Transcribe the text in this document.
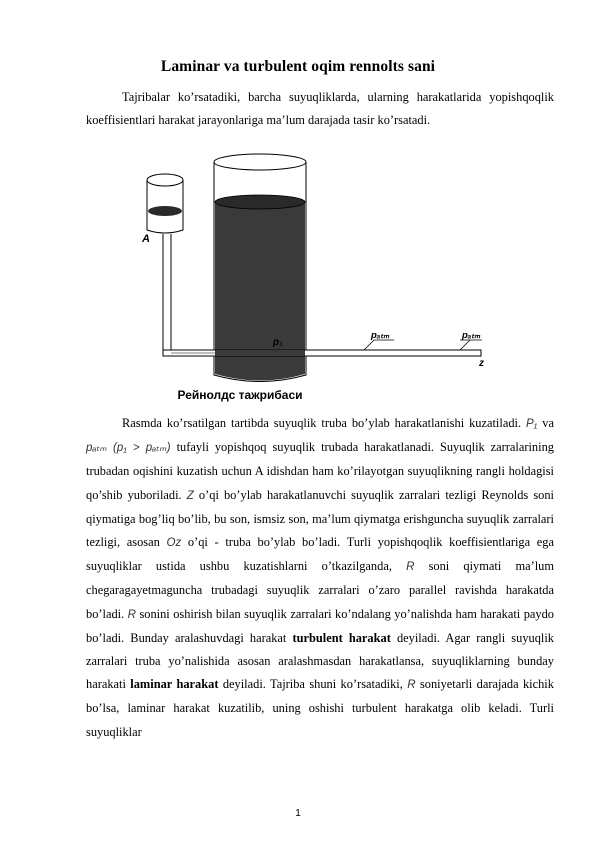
Laminar va turbulent oqim rennolts sani

Tajribalar ko’rsatadiki, barcha suyuqliklarda, ularning harakatlarida yopishqoqlik koeffisientlari harakat jarayonlariga ma’lum darajada tasir ko’rsatadi.

A
p₁
pₐₜₘ	pₐₜₘ
z
Рейнолдс тажрибаси

Rasmda ko’rsatilgan tartibda suyuqlik truba bo’ylab harakatlanishi kuzatiladi. P₁ va pₐₜₘ (p₁ > pₐₜₘ) tufayli yopishqoq suyuqlik trubada harakatlanadi. Suyuqlik zarralarining trubadan oqishini kuzatish uchun A idishdan ham ko’rilayotgan suyuqlikning rangli holdagisi qo’shib yuboriladi. Z o’qi bo’ylab harakatlanuvchi suyuqlik zarralari tezligi Reynolds soni qiymatiga bog’liq bo’lib, bu son, ismsiz son, ma’lum qiymatga erishguncha suyuqlik zarralari tezligi, asosan Oz o’qi - truba bo’ylab bo’ladi. Turli yopishqoqlik koeffisientlariga ega suyuqliklar ustida ushbu kuzatishlarni o’tkazilganda, R soni qiymati ma’lum chegaragayetmaguncha trubadagi suyuqlik zarralari o’zaro parallel ravishda harakatda bo’ladi. R sonini oshirish bilan suyuqlik zarralari ko’ndalang yo’nalishda ham harakati paydo bo’ladi. Bunday aralashuvdagi harakat turbulent harakat deyiladi. Agar rangli suyuqlik zarralari truba yo’nalishida asosan aralashmasdan harakatlansa, suyuqliklarning bunday harakati laminar harakat deyiladi. Tajriba shuni ko’rsatadiki, R soniyetarli darajada kichik bo’lsa, laminar harakat kuzatilib, uning oshishi turbulent harakatga olib keladi. Turli suyuqliklar

1
